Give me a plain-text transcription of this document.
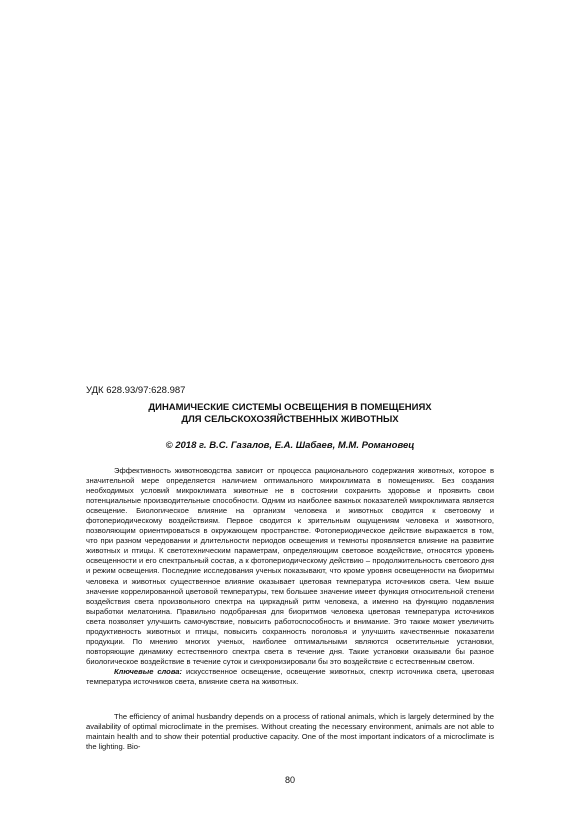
УДК 628.93/97:628.987
ДИНАМИЧЕСКИЕ СИСТЕМЫ ОСВЕЩЕНИЯ В ПОМЕЩЕНИЯХ
ДЛЯ СЕЛЬСКОХОЗЯЙСТВЕННЫХ ЖИВОТНЫХ
© 2018 г. В.С. Газалов, Е.А. Шабаев, М.М. Романовец

Эффективность животноводства зависит от процесса рационального содержания животных, которое в значительной мере определяется наличием оптимального микроклимата в помещениях. Без создания необходимых условий микроклимата животные не в состоянии сохранить здоровье и проявить свои потенциальные производительные способности. Одним из наиболее важных показателей микроклимата является освещение. Биологическое влияние на организм человека и животных сводится к световому и фотопериодическому воздействиям. Первое сводится к зрительным ощущениям человека и животного, позволяющим ориентироваться в окружающем пространстве. Фотопериодическое действие выражается в том, что при разном чередовании и длительности периодов освещения и темноты проявляется влияние на развитие животных и птицы. К светотехническим параметрам, определяющим световое воздействие, относятся уровень освещенности и его спектральный состав, а к фотопериодическому действию – продолжительность светового дня и режим освещения. Последние исследования ученых показывают, что кроме уровня освещенности на биоритмы человека и животных существенное влияние оказывает цветовая температура источников света. Чем выше значение коррелированной цветовой температуры, тем большее значение имеет функция относительной степени воздействия света произвольного спектра на циркадный ритм человека, а именно на функцию подавления выработки мелатонина. Правильно подобранная для биоритмов человека цветовая температура источников света позволяет улучшить самочувствие, повысить работоспособность и внимание. Это также может увеличить продуктивность животных и птицы, повысить сохранность поголовья и улучшить качественные показатели продукции. По мнению многих ученых, наиболее оптимальными являются осветительные установки, повторяющие динамику естественного спектра света в течение дня. Такие установки оказывали бы разное биологическое воздействие в течение суток и синхронизировали бы это воздействие с естественным светом.

Ключевые слова: искусственное освещение, освещение животных, спектр источника света, цветовая температура источников света, влияние света на животных.

The efficiency of animal husbandry depends on a process of rational animals, which is largely determined by the availability of optimal microclimate in the premises. Without creating the necessary environment, animals are not able to maintain health and to show their potential productive capacity. One of the most important indicators of a microclimate is the lighting. Bio-

80
